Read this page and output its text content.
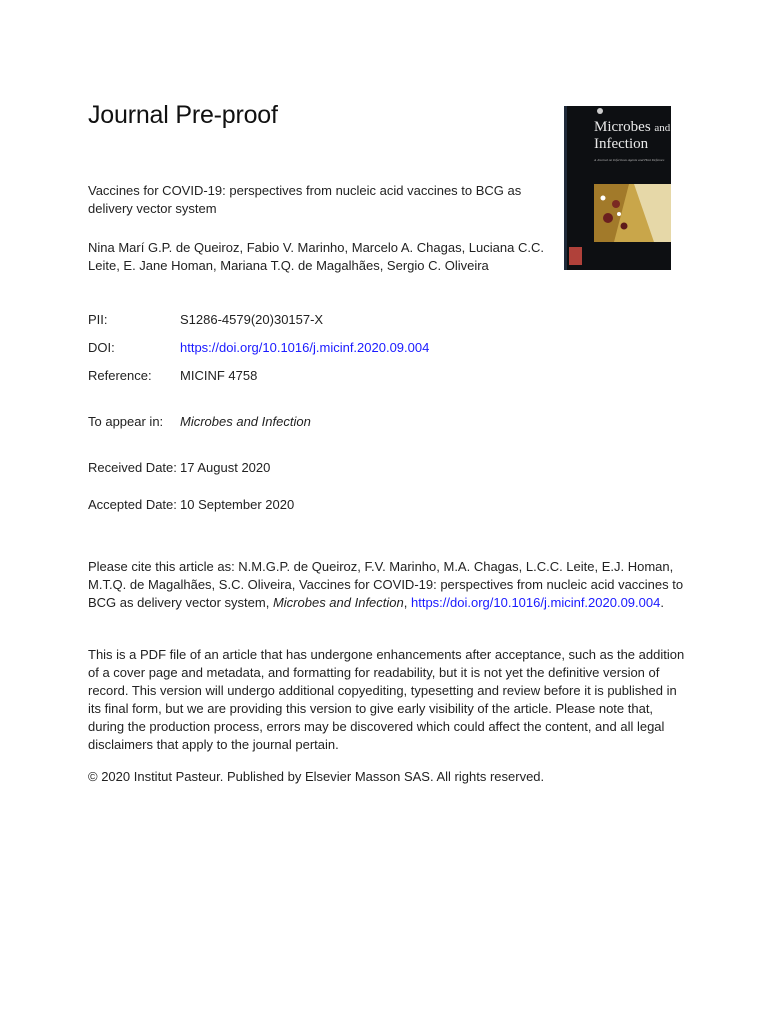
Journal Pre-proof
Vaccines for COVID-19: perspectives from nucleic acid vaccines to BCG as delivery vector system
Nina Marí G.P. de Queiroz, Fabio V. Marinho, Marcelo A. Chagas, Luciana C.C. Leite, E. Jane Homan, Mariana T.Q. de Magalhães, Sergio C. Oliveira
Microbes and
Infection
A Journal on Infectious Agents and Host Defenses
PII:	S1286-4579(20)30157-X
DOI:	https://doi.org/10.1016/j.micinf.2020.09.004
Reference:	MICINF 4758
To appear in:	Microbes and Infection
Received Date: 17 August 2020
Accepted Date: 10 September 2020
Please cite this article as: N.M.G.P. de Queiroz, F.V. Marinho, M.A. Chagas, L.C.C. Leite, E.J. Homan, M.T.Q. de Magalhães, S.C. Oliveira, Vaccines for COVID-19: perspectives from nucleic acid vaccines to BCG as delivery vector system, Microbes and Infection, https://doi.org/10.1016/j.micinf.2020.09.004.
This is a PDF file of an article that has undergone enhancements after acceptance, such as the addition of a cover page and metadata, and formatting for readability, but it is not yet the definitive version of record. This version will undergo additional copyediting, typesetting and review before it is published in its final form, but we are providing this version to give early visibility of the article. Please note that, during the production process, errors may be discovered which could affect the content, and all legal disclaimers that apply to the journal pertain.
© 2020 Institut Pasteur. Published by Elsevier Masson SAS. All rights reserved.
